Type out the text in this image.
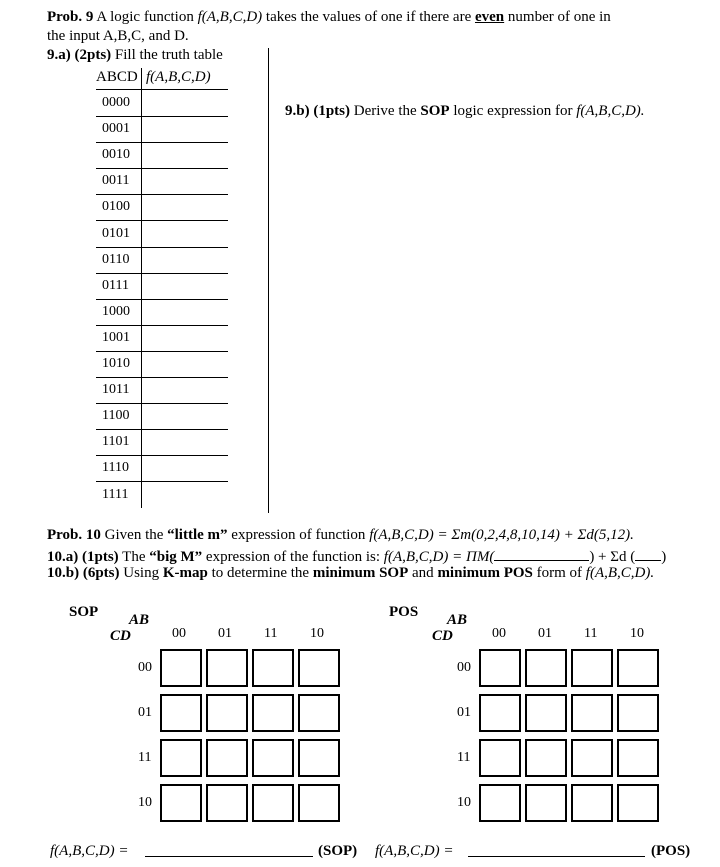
Prob. 9 A logic function f(A,B,C,D) takes the values of one if there are even number of one in
the input A,B,C, and D.
9.a) (2pts) Fill the truth table
ABCD f(A,B,C,D)
0000
0001
0010
0011
0100
0101
0110
0111
1000
1001
1010
1011
1100
1101
1110
1111
9.b) (1pts) Derive the SOP logic expression for f(A,B,C,D).
Prob. 10 Given the “little m” expression of function f(A,B,C,D) = Σm(0,2,4,8,10,14) + Σd(5,12).
10.a) (1pts) The “big M” expression of the function is: f(A,B,C,D) = ΠM(	) + Σd ( )
10.b) (6pts) Using K-map to determine the minimum SOP and minimum POS form of f(A,B,C,D).
SOP AB
CD	00 01 11 10
00
01
11
10
POS AB
CD	00 01 11 10
00
01
11
10
f(A,B,C,D) =	(SOP) f(A,B,C,D) =	(POS)
